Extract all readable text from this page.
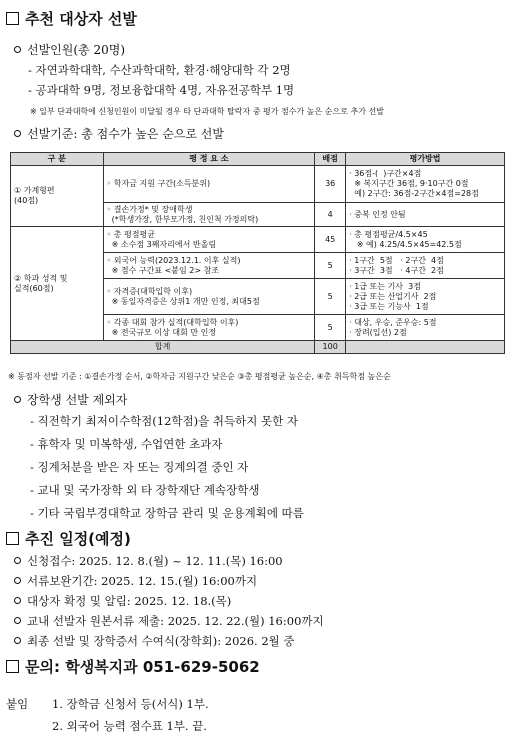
추천 대상자 선발
선발인원(총 20명)
- 자연과학대학, 수산과학대학, 환경·해양대학 각 2명
- 공과대학 9명, 정보융합대학 4명, 자유전공학부 1명
※ 일부 단과대학에 신청인원이 미달될 경우 타 단과대학 탈락자 중 평가 점수가 높은 순으로 추가 선발
선발기준: 총 점수가 높은 순으로 선발
구 분	평 정 요 소	배점	평가방법
① 가계형편
(40점)	◦ 학자금 지원 구간(소득분위)	36	· 36점-(  )구간×4점
※ 복지구간 36점, 9·10구간 0점
예) 2구간: 36점-2구간×4점=28점
	◦ 결손가정* 및 장애학생
(*학생가장, 한부모가정, 친인척 가정의탁)	4	· 중복 인정 안됨
② 학과 성적 및
실적(60점)	◦ 총 평점평균
※ 소수점 3째자리에서 반올림	45	· 총 평점평균/4.5×45
※ 예) 4.25/4.5×45=42.5점
	◦ 외국어 능력(2023.12.1. 이후 실적)
※ 점수 구간표 <붙임 2> 참조	5	· 1구간  5점   · 2구간  4점
· 3구간  3점   · 4구간  2점
	◦ 자격증(대학입학 이후)
※ 동일자격증은 상위1 개만 인정, 최대5점	5	· 1급 또는 기사  3점
· 2급 또는 산업기사  2점
· 3급 또는 기능사  1점
	◦ 각종 대회 참가 실적(대학입학 이후)
※ 전국규모 이상 대회 만 인정	5	· 대상, 우승, 준우승: 5점
· 장려(입선) 2점
합계		100	
※ 동점자 선발 기준 : ①결손가정 순서, ②학자금 지원구간 낮은순 ③총 평점평균 높은순, ④총 취득학점 높은순
장학생 선발 제외자
- 직전학기 최저이수학점(12학점)을 취득하지 못한 자
- 휴학자 및 미복학생, 수업연한 초과자
- 징계처분을 받은 자 또는 징계의결 중인 자
- 교내 및 국가장학 외 타 장학재단 계속장학생
- 기타 국립부경대학교 장학금 관리 및 운용계획에 따름
추진 일정(예정)
신청접수: 2025. 12. 8.(월) ~ 12. 11.(목) 16:00
서류보완기간: 2025. 12. 15.(월) 16:00까지
대상자 확정 및 알림: 2025. 12. 18.(목)
교내 선발자 원본서류 제출: 2025. 12. 22.(월) 16:00까지
최종 선발 및 장학증서 수여식(장학회): 2026. 2월 중
문의: 학생복지과 051-629-5062
붙임 1. 장학금 신청서 등(서식) 1부.
2. 외국어 능력 점수표 1부. 끝.
